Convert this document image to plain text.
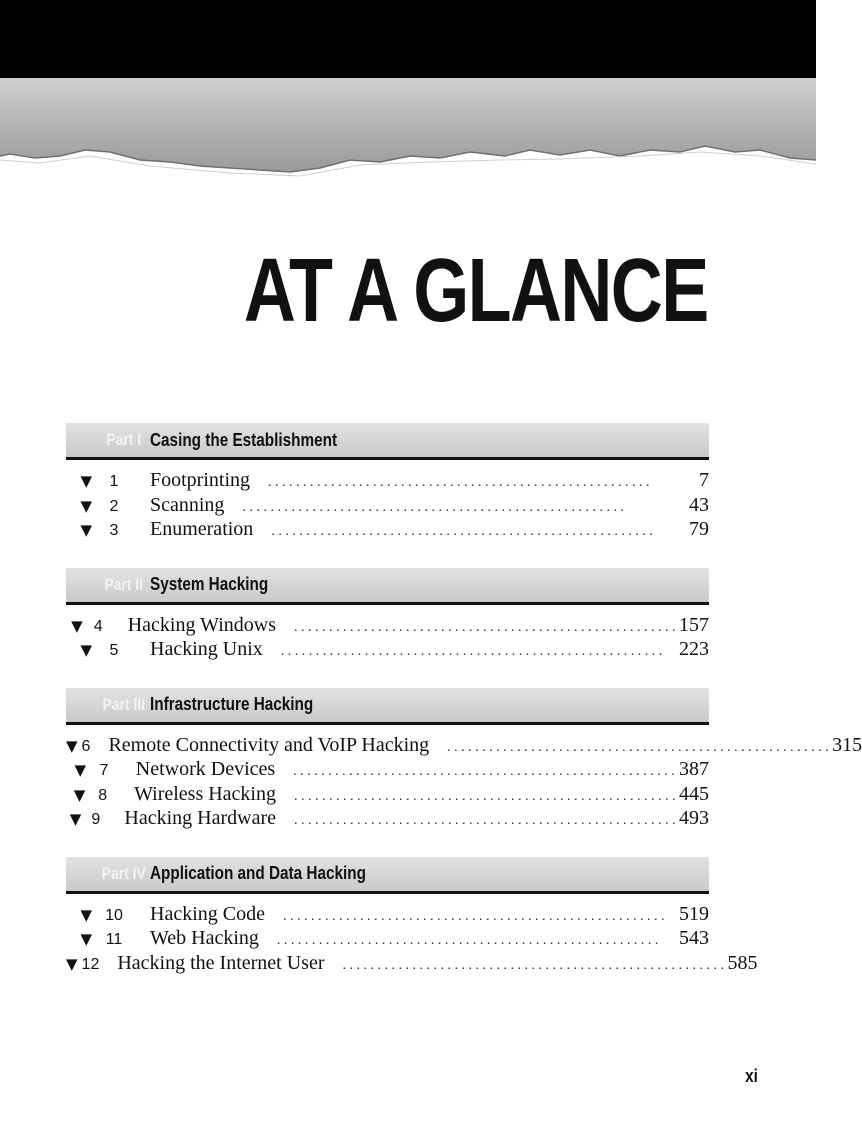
AT A GLANCE
Part I Casing the Establishment
▼	1	Footprinting	.......................................................	7
▼	2	Scanning	.......................................................	43
▼	3	Enumeration	.......................................................	79
Part II System Hacking
▼ 4	Hacking Windows	....................................................... 157
▼	5	Hacking Unix	....................................................... 223
Part III Infrastructure Hacking
▼ 6 Remote Connectivity and VoIP Hacking	....................................................... 315
▼ 7	Network Devices	....................................................... 387
▼ 8	Wireless Hacking	....................................................... 445
▼ 9	Hacking Hardware	....................................................... 493
Part IV Application and Data Hacking
▼ 10	Hacking Code	....................................................... 519
▼ 11	Web Hacking	....................................................... 543
▼ 12 Hacking the Internet User	....................................................... 585
xi
